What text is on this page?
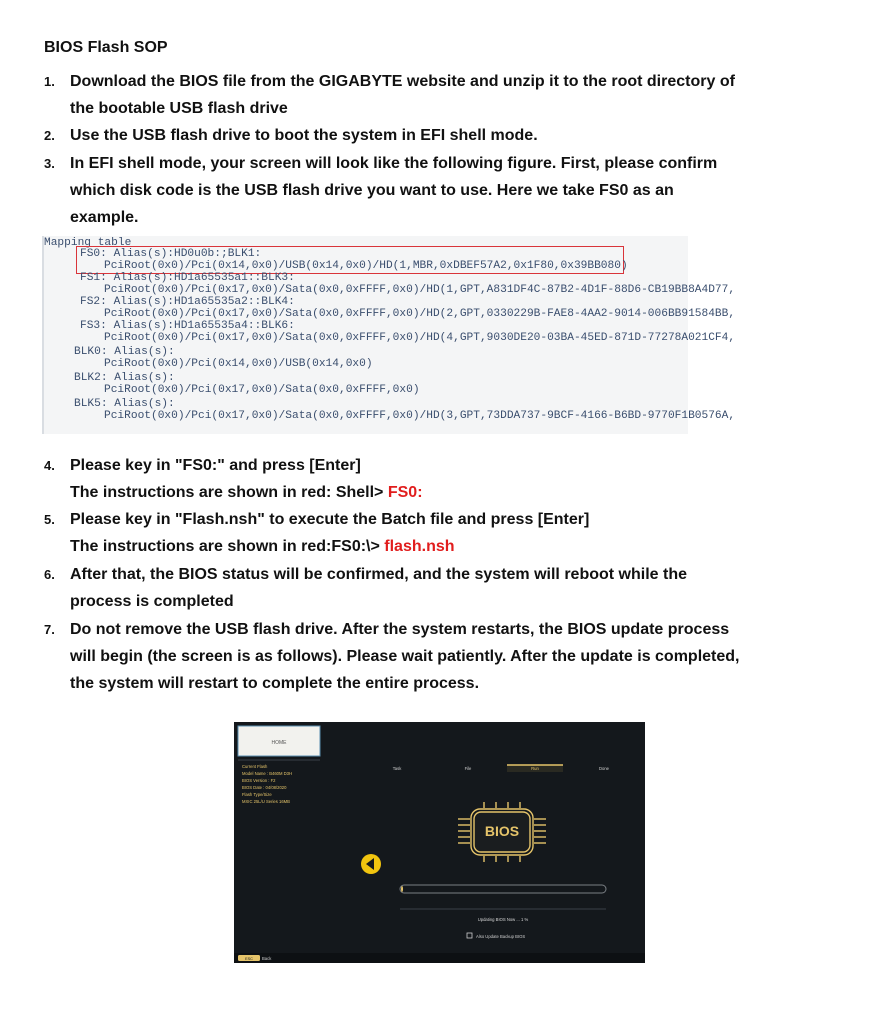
BIOS Flash SOP
1. Download the BIOS file from the GIGABYTE website and unzip it to the root directory of
the bootable USB flash drive
2. Use the USB flash drive to boot the system in EFI shell mode.
3. In EFI shell mode, your screen will look like the following figure. First, please confirm
which disk code is the USB flash drive you want to use. Here we take FS0 as an
example.
4. Please key in "FS0:" and press [Enter]
The instructions are shown in red: Shell> FS0:
5. Please key in "Flash.nsh" to execute the Batch file and press [Enter]
The instructions are shown in red:FS0:\> flash.nsh
6. After that, the BIOS status will be confirmed, and the system will reboot while the
process is completed
7. Do not remove the USB flash drive. After the system restarts, the BIOS update process
will begin (the screen is as follows). Please wait patiently. After the update is completed,
the system will restart to complete the entire process.
Mapping table
FS0: Alias(s):HD0u0b:;BLK1:
PciRoot(0x0)/Pci(0x14,0x0)/USB(0x14,0x0)/HD(1,MBR,0xDBEF57A2,0x1F80,0x39BB080)
FS1: Alias(s):HD1a65535a1::BLK3:
PciRoot(0x0)/Pci(0x17,0x0)/Sata(0x0,0xFFFF,0x0)/HD(1,GPT,A831DF4C-87B2-4D1F-88D6-CB19BB8A4D77,
FS2: Alias(s):HD1a65535a2::BLK4:
PciRoot(0x0)/Pci(0x17,0x0)/Sata(0x0,0xFFFF,0x0)/HD(2,GPT,0330229B-FAE8-4AA2-9014-006BB91584BB,
FS3: Alias(s):HD1a65535a4::BLK6:
PciRoot(0x0)/Pci(0x17,0x0)/Sata(0x0,0xFFFF,0x0)/HD(4,GPT,9030DE20-03BA-45ED-871D-77278A021CF4,
BLK0: Alias(s):
PciRoot(0x0)/Pci(0x14,0x0)/USB(0x14,0x0)
BLK2: Alias(s):
PciRoot(0x0)/Pci(0x17,0x0)/Sata(0x0,0xFFFF,0x0)
BLK5: Alias(s):
PciRoot(0x0)/Pci(0x17,0x0)/Sata(0x0,0xFFFF,0x0)/HD(3,GPT,73DDA737-9BCF-4166-B6BD-9770F1B0576A,
HOME
Current Flash
Model Name : B460M D3H
BIOS Version : F2
BIOS Date : 04/08/2020
Flash Type/Size
MXIC 25L/U Series 16MB
Task	File	Run	Done
BIOS
Updating BIOS Now ... 1 %
Also Update Backup BIOS
ESC Back
